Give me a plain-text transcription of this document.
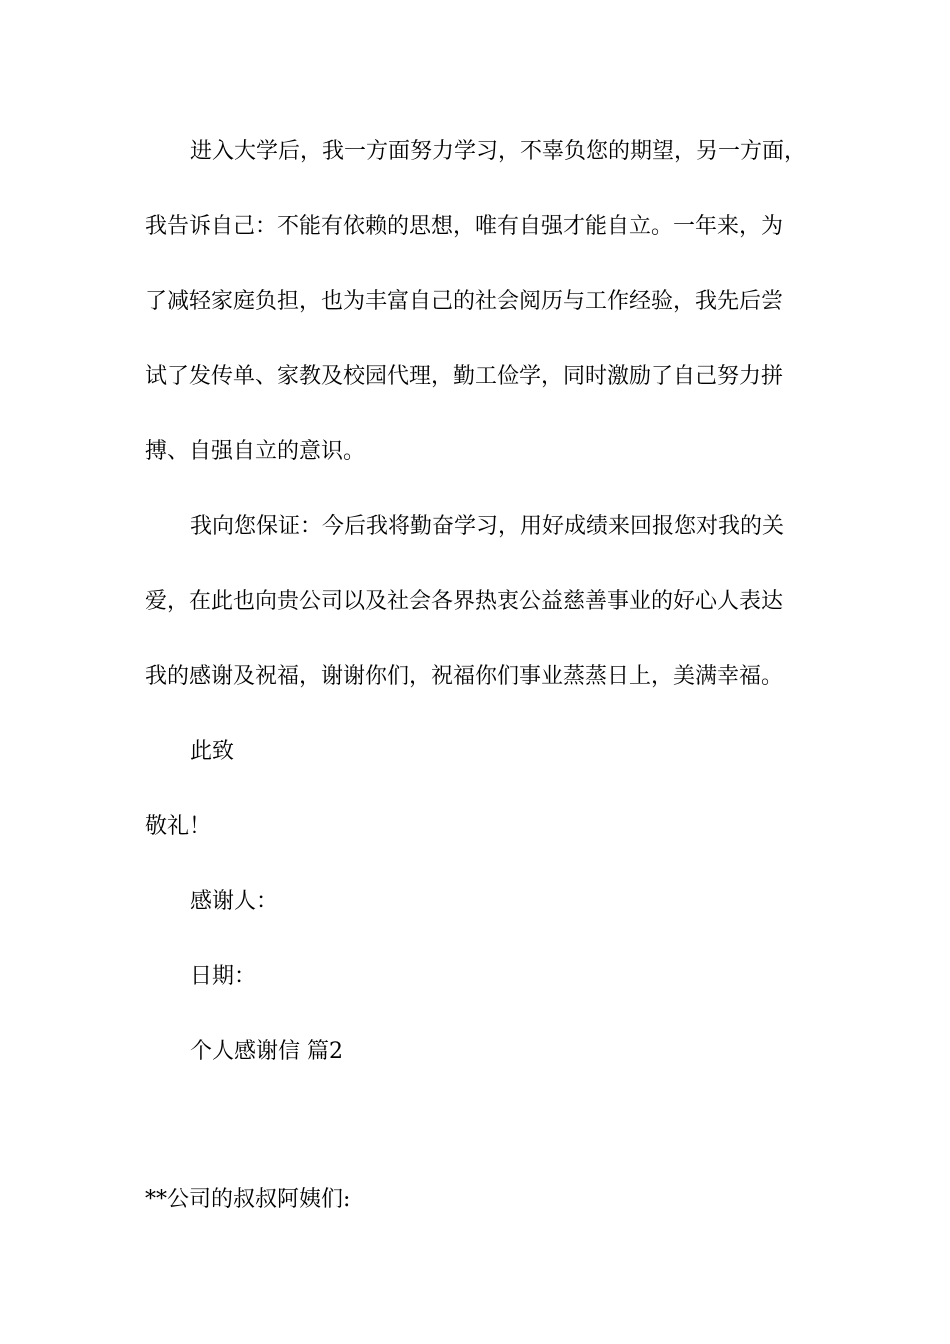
进入大学后，我一方面努力学习，不辜负您的期望，另一方面，
我告诉自己：不能有依赖的思想，唯有自强才能自立。一年来，为
了减轻家庭负担，也为丰富自己的社会阅历与工作经验，我先后尝
试了发传单、家教及校园代理，勤工俭学，同时激励了自己努力拼
搏、自强自立的意识。
我向您保证：今后我将勤奋学习，用好成绩来回报您对我的关
爱，在此也向贵公司以及社会各界热衷公益慈善事业的好心人表达
我的感谢及祝福，谢谢你们，祝福你们事业蒸蒸日上，美满幸福。
此致
敬礼！
感谢人：
日期：
个人感谢信 篇2
**公司的叔叔阿姨们:
